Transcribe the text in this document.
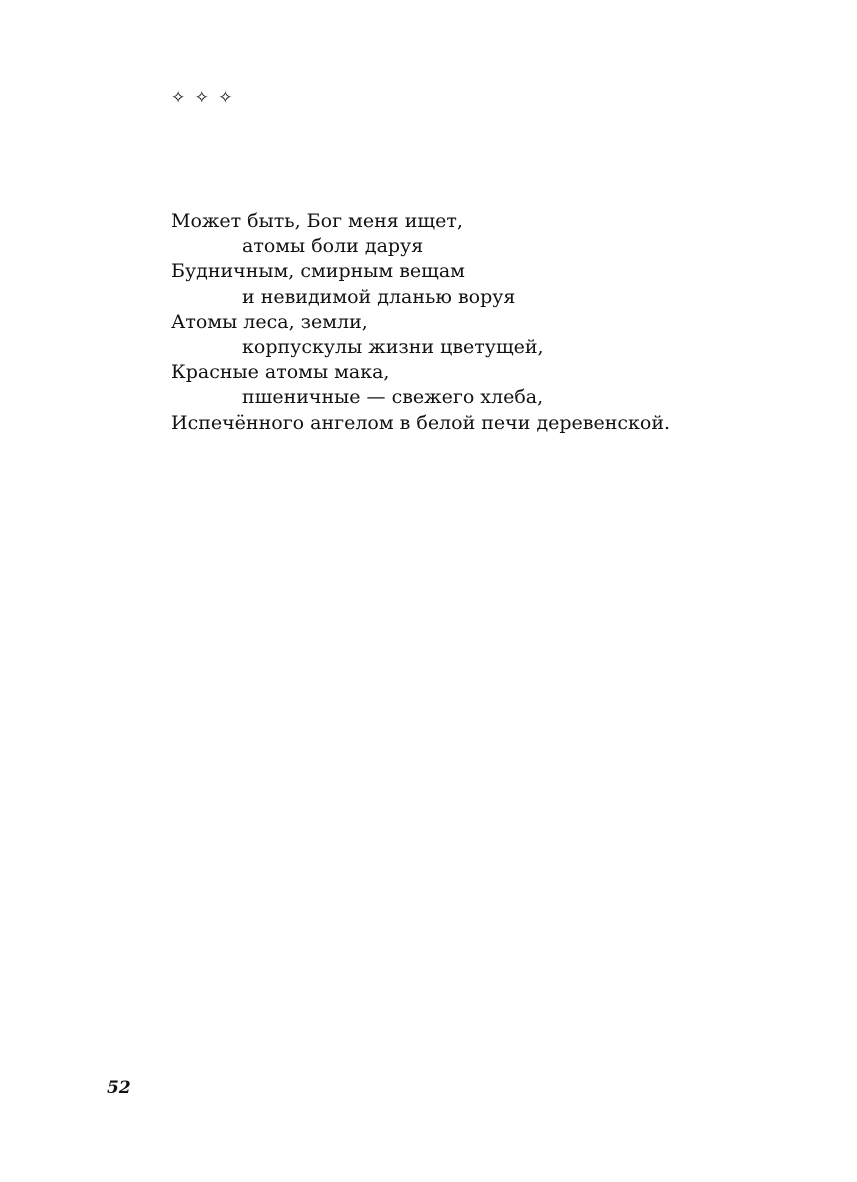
✧ ✧ ✧
Может быть, Бог меня ищет,
атомы боли даруя
Будничным, смирным вещам
и невидимой дланью воруя
Атомы леса, земли,
корпускулы жизни цветущей,
Красные атомы мака,
пшеничные — свежего хлеба,
Испечённого ангелом в белой печи деревенской.
52
